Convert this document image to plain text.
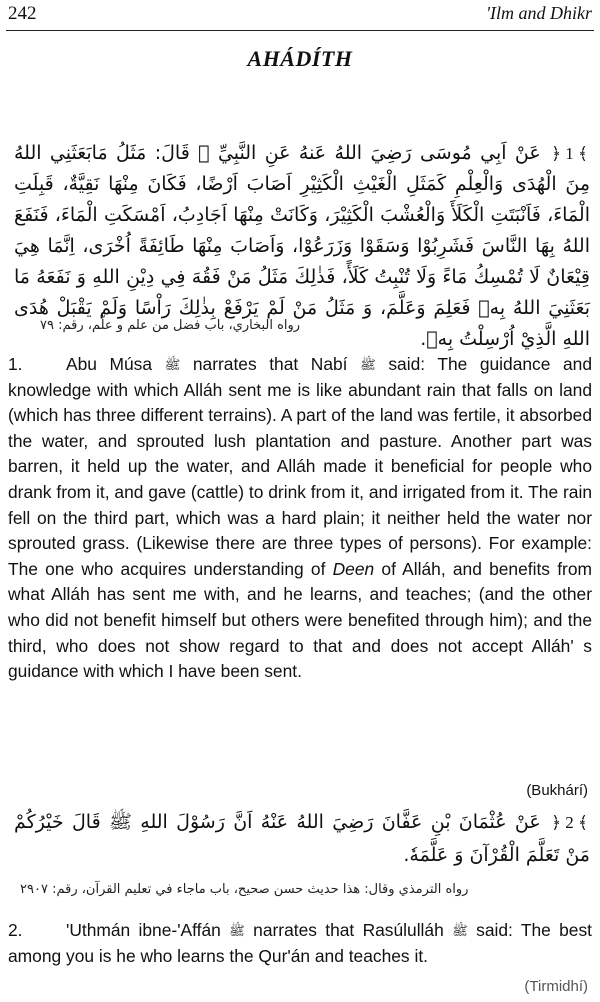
242	'Ilm and Dhikr
AHÁDÍTH
﴿ 1 ﴾ عَنْ اَبِي مُوسَى رَضِيَ اللهُ عَنهُ عَنِ النَّبِيِّ ﷺ قَالَ: مَثَلُ مَابَعَثَنِي اللهُ مِنَ الْهُدَى وَالْعِلْمِ كَمَثَلِ الْغَيْثِ الْكَثِيْرِ اَصَابَ اَرْضًا، فَكَانَ مِنْهَا نَقِيَّةٌ، قَبِلَتِ الْمَاءَ، فَاَنْبَتَتِ الْكَلَأَ وَالْعُشْبَ الْكَثِيْرَ، وَكَانَتْ مِنْهَا اَجَادِبُ، اَمْسَكَتِ الْمَاءَ، فَنَفَعَ اللهُ بِهَا النَّاسَ فَشَرِبُوْا وَسَقَوْا وَزَرَعُوْا، وَاَصَابَ مِنْهَا طَائِفَةً اُخْرَى، اِنَّمَا هِيَ قِيْعَانٌ لَا تُمْسِكُ مَاءً وَلَا تُنْبِتُ كَلَأً، فَذٰلِكَ مَثَلُ مَنْ فَقُهَ فِي دِيْنِ اللهِ وَ نَفَعَهُ مَا بَعَثَنِيَ اللهُ بِهٖ فَعَلِمَ وَعَلَّمَ، وَ مَثَلُ مَنْ لَمْ يَرْفَعْ بِذٰلِكَ رَاْسًا وَلَمْ يَقْبَلْ هُدَى اللهِ الَّذِيْ اُرْسِلْتُ بِهٖ.
رواه البخاري، باب فضل من علم و علّم، رقم: ٧٩
1. Abu Músa ﷺ narrates that Nabí ﷺ said: The guidance and knowledge with which Alláh sent me is like abundant rain that falls on land (which has three different terrains). A part of the land was fertile, it absorbed the water, and sprouted lush plantation and pasture. Another part was barren, it held up the water, and Alláh made it beneficial for people who drank from it, and gave (cattle) to drink from it, and irrigated from it. The rain fell on the third part, which was a hard plain; it neither held the water nor sprouted grass. (Likewise there are three types of persons). For example: The one who acquires understanding of Deen of Alláh, and benefits from what Alláh has sent me with, and he learns, and teaches; (and the other who did not benefit himself but others were benefited through him); and the third, who does not show regard to that and does not accept Alláh' s guidance with which I have been sent.
(Bukhárí)
﴿ 2 ﴾ عَنْ عُثْمَانَ بْنِ عَفَّانَ رَضِيَ اللهُ عَنْهُ اَنَّ رَسُوْلَ اللهِ ﷺ قَالَ خَيْرُكُمْ مَنْ تَعَلَّمَ الْقُرْآنَ وَ عَلَّمَهٗ.
رواه الترمذي وقال: هذا حديث حسن صحيح، باب ماجاء في تعليم القرآن، رقم: ٢٩٠٧
2. 'Uthmán ibne-'Affán ﷺ narrates that Rasúlulláh ﷺ said: The best among you is he who learns the Qur'án and teaches it.
(Tirmidhí)
